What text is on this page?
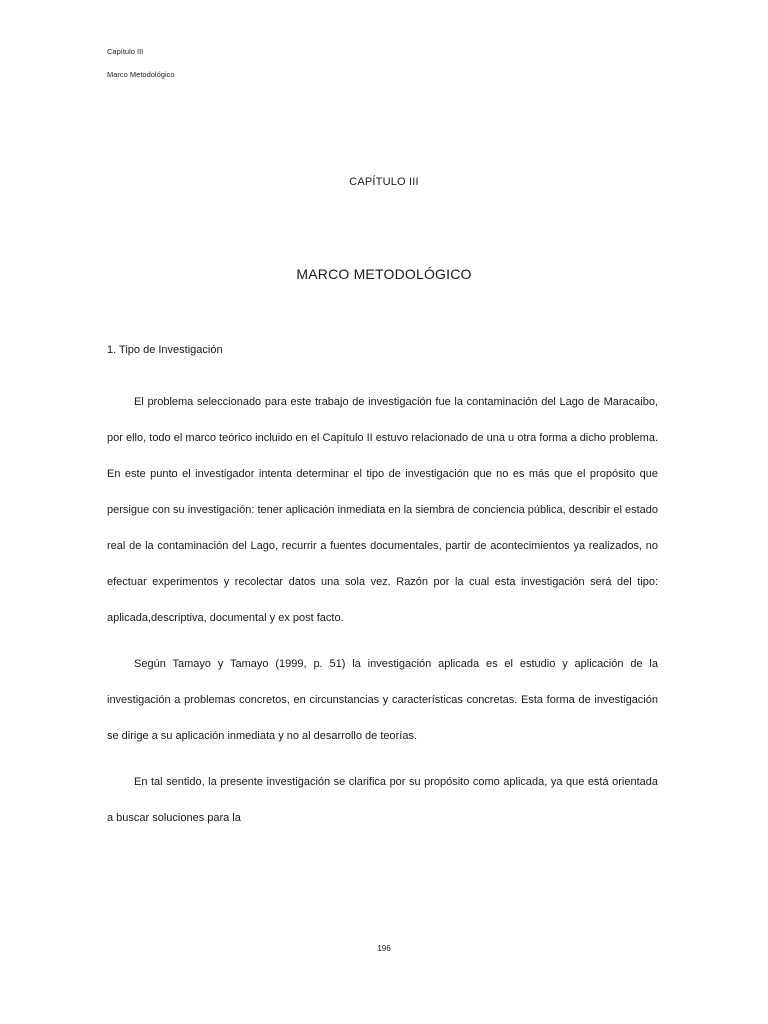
Capítulo III
Marco Metodológico
CAPÍTULO III
MARCO METODOLÓGICO
1. Tipo de Investigación

El problema seleccionado para este trabajo de investigación fue la contaminación del Lago de Maracaibo, por ello, todo el marco teórico incluido en el Capítulo II estuvo relacionado de una u otra forma a dicho problema. En este punto el investigador intenta determinar el tipo de investigación que no es más que el propósito que persigue con su investigación: tener aplicación inmediata en la siembra de conciencia pública, describir el estado real de la contaminación del Lago, recurrir a fuentes documentales, partir de acontecimientos ya realizados, no efectuar experimentos y recolectar datos una sola vez. Razón por la cual esta investigación será del tipo: aplicada,descriptiva, documental y ex post facto.

Según Tamayo y Tamayo (1999, p. 51) la investigación aplicada es el estudio y aplicación de la investigación a problemas concretos, en circunstancias y características concretas. Esta forma de investigación se dirige a su aplicación inmediata y no al desarrollo de teorías.

En tal sentido, la presente investigación se clarifica por su propósito como aplicada, ya que está orientada a buscar soluciones para la

196
